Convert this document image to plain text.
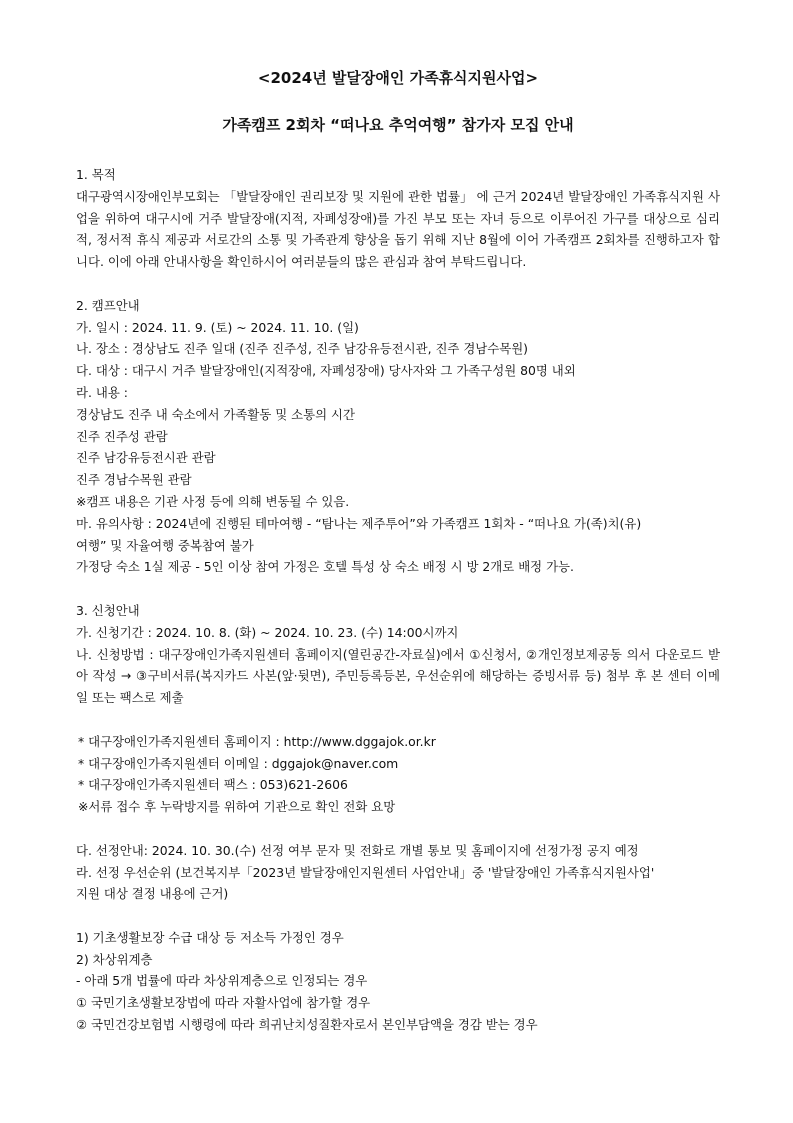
<2024년 발달장애인 가족휴식지원사업>
가족캠프 2회차 “떠나요 추억여행” 참가자 모집 안내
1. 목적
대구광역시장애인부모회는 「발달장애인 권리보장 및 지원에 관한 법률」 에 근거 2024년 발달장애인 가족휴식지원 사업을 위하여 대구시에 거주 발달장애(지적, 자폐성장애)를 가진 부모 또는 자녀 등으로 이루어진 가구를 대상으로 심리적, 정서적 휴식 제공과 서로간의 소통 및 가족관계 향상을 돕기 위해 지난 8월에 이어 가족캠프 2회차를 진행하고자 합니다. 이에 아래 안내사항을 확인하시어 여러분들의 많은 관심과 참여 부탁드립니다.
2. 캠프안내
가. 일시 : 2024. 11. 9. (토) ~ 2024. 11. 10. (일)
나. 장소 : 경상남도 진주 일대 (진주 진주성, 진주 남강유등전시관, 진주 경남수목원)
다. 대상 : 대구시 거주 발달장애인(지적장애, 자폐성장애) 당사자와 그 가족구성원 80명 내외
라. 내용 :
경상남도 진주 내 숙소에서 가족활동 및 소통의 시간
진주 진주성 관람
진주 남강유등전시관 관람
진주 경남수목원 관람
※캠프 내용은 기관 사정 등에 의해 변동될 수 있음.
마. 유의사항 : 2024년에 진행된 테마여행 - “탐나는 제주투어”와 가족캠프 1회차 - “떠나요 가(족)치(유)
여행” 및 자율여행 중복참여 불가
가정당 숙소 1실 제공 - 5인 이상 참여 가정은 호텔 특성 상 숙소 배정 시 방 2개로 배정 가능.
3. 신청안내
가. 신청기간 : 2024. 10. 8. (화) ~ 2024. 10. 23. (수) 14:00시까지
나. 신청방법 : 대구장애인가족지원센터 홈페이지(열린공간-자료실)에서 ①신청서, ②개인정보제공동 의서 다운로드 받아 작성 → ③구비서류(복지카드 사본(앞·뒷면), 주민등록등본, 우선순위에 해당하는 증빙서류 등) 첨부 후 본 센터 이메일 또는 팩스로 제출
* 대구장애인가족지원센터 홈페이지 : http://www.dggajok.or.kr
* 대구장애인가족지원센터 이메일 : dggajok@naver.com
* 대구장애인가족지원센터 팩스 : 053)621-2606
※서류 접수 후 누락방지를 위하여 기관으로 확인 전화 요망
다. 선정안내: 2024. 10. 30.(수) 선정 여부 문자 및 전화로 개별 통보 및 홈페이지에 선정가정 공지 예정
라. 선정 우선순위 (보건복지부「2023년 발달장애인지원센터 사업안내」중 '발달장애인 가족휴식지원사업'
지원 대상 결정 내용에 근거)
1) 기초생활보장 수급 대상 등 저소득 가정인 경우
2) 차상위계층
- 아래 5개 법률에 따라 차상위계층으로 인정되는 경우
① 국민기초생활보장법에 따라 자활사업에 참가할 경우
② 국민건강보험법 시행령에 따라 희귀난치성질환자로서 본인부담액을 경감 받는 경우
